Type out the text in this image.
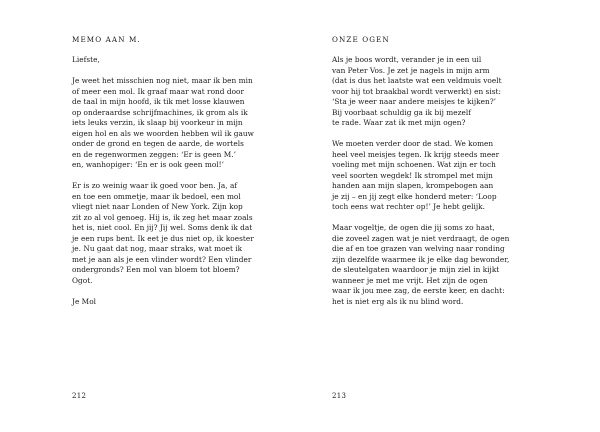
MEMO AAN M.
Liefste,
Je weet het misschien nog niet, maar ik ben min
of meer een mol. Ik graaf maar wat rond door
de taal in mijn hoofd, ik tik met losse klauwen
op onderaardse schrijfmachines, ik grom als ik
iets leuks verzin, ik slaap bij voorkeur in mijn
eigen hol en als we woorden hebben wil ik gauw
onder de grond en tegen de aarde, de wortels
en de regenwormen zeggen: ‘Er is geen M.’
en, wanhopiger: ‘En er is ook geen mol!’
Er is zo weinig waar ik goed voor ben. Ja, af
en toe een ommetje, maar ik bedoel, een mol
vliegt niet naar Londen of New York. Zijn kop
zit zo al vol genoeg. Hij is, ik zeg het maar zoals
het is, niet cool. En jij? Jij wel. Soms denk ik dat
je een rups bent. Ik eet je dus niet op, ik koester
je. Nu gaat dat nog, maar straks, wat moet ik
met je aan als je een vlinder wordt? Een vlinder
ondergronds? Een mol van bloem tot bloem?
Ogot.
Je Mol
212
ONZE OGEN
Als je boos wordt, verander je in een uil
van Peter Vos. Je zet je nagels in mijn arm
(dat is dus het laatste wat een veldmuis voelt
voor hij tot braakbal wordt verwerkt) en sist:
‘Sta je weer naar andere meisjes te kijken?’
Bij voorbaat schuldig ga ik bij mezelf
te rade. Waar zat ik met mijn ogen?
We moeten verder door de stad. We komen
heel veel meisjes tegen. Ik krijg steeds meer
voeling met mijn schoenen. Wat zijn er toch
veel soorten wegdek! Ik strompel met mijn
handen aan mijn slapen, krompebogen aan
je zij – en jij zegt elke honderd meter: ‘Loop
toch eens wat rechter op!’ Je hebt gelijk.
Maar vogeltje, de ogen die jij soms zo haat,
die zoveel zagen wat je niet verdraagt, de ogen
die af en toe grazen van welving naar ronding
zijn dezelfde waarmee ik je elke dag bewonder,
de sleutelgaten waardoor je mijn ziel in kijkt
wanneer je met me vrijt. Het zijn de ogen
waar ik jou mee zag, de eerste keer, en dacht:
het is niet erg als ik nu blind word.
213
